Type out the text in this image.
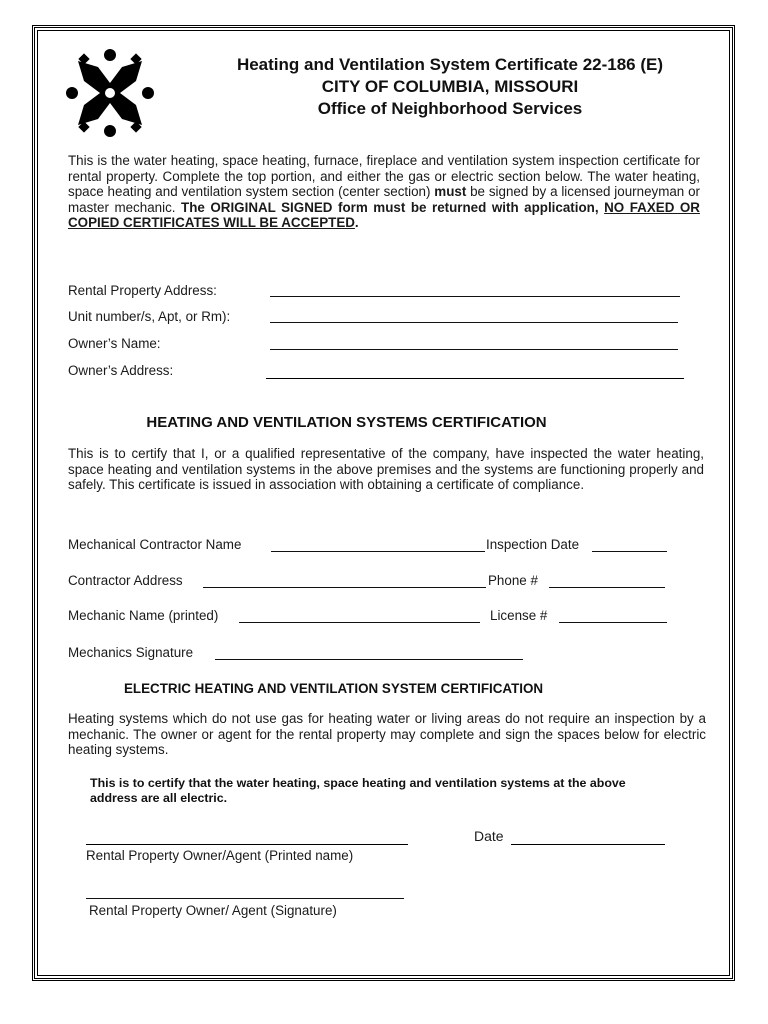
Heating and Ventilation System Certificate 22-186 (E)
CITY OF COLUMBIA, MISSOURI
Office of Neighborhood Services
This is the water heating, space heating, furnace, fireplace and ventilation system inspection certificate for rental property. Complete the top portion, and either the gas or electric section below. The water heating, space heating and ventilation system section (center section) must be signed by a licensed journeyman or master mechanic. The ORIGINAL SIGNED form must be returned with application, NO FAXED OR COPIED CERTIFICATES WILL BE ACCEPTED.
Rental Property Address:
Unit number/s, Apt, or Rm):
Owner’s Name:
Owner’s Address:
HEATING AND VENTILATION SYSTEMS CERTIFICATION
This is to certify that I, or a qualified representative of the company, have inspected the water heating, space heating and ventilation systems in the above premises and the systems are functioning properly and safely. This certificate is issued in association with obtaining a certificate of compliance.
Mechanical Contractor Name	Inspection Date
Contractor Address	Phone #
Mechanic Name (printed)	License #
Mechanics Signature
ELECTRIC HEATING AND VENTILATION SYSTEM CERTIFICATION
Heating systems which do not use gas for heating water or living areas do not require an inspection by a mechanic. The owner or agent for the rental property may complete and sign the spaces below for electric heating systems.
This is to certify that the water heating, space heating and ventilation systems at the above address are all electric.
Date
Rental Property Owner/Agent (Printed name)
Rental Property Owner/ Agent (Signature)
